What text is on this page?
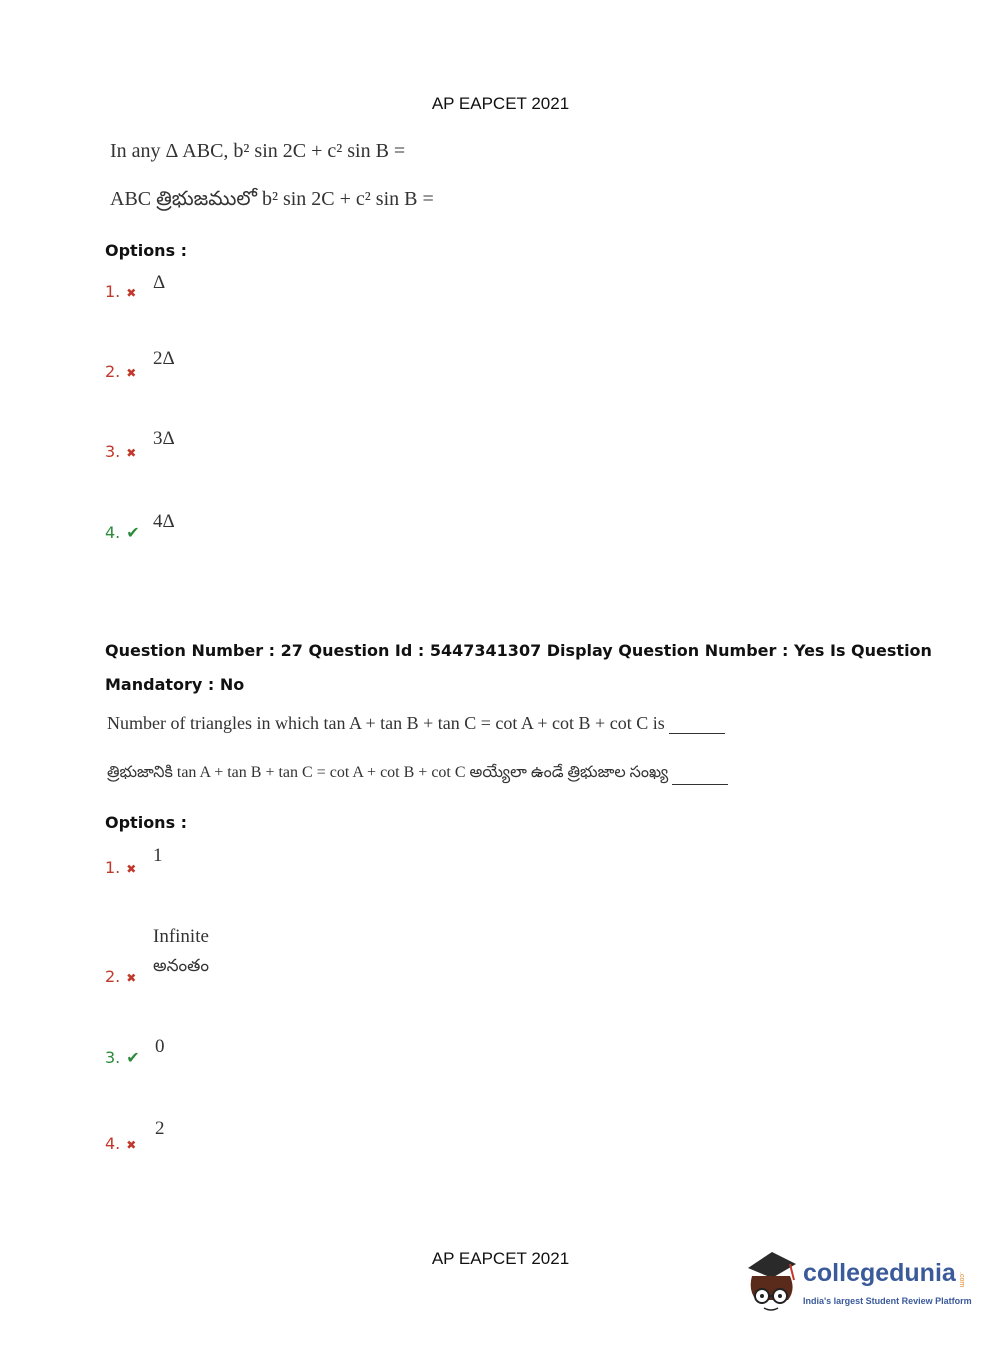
AP EAPCET 2021
In any Δ ABC, b² sin 2C + c² sin B =
ABC త్రిభుజములో b² sin 2C + c² sin B =
Options :
1. ✖ Δ
2. ✖
2Δ
3. ✖
3Δ
4. ✔
4Δ
Question Number : 27 Question Id : 5447341307 Display Question Number : Yes Is Question
Mandatory : No
Number of triangles in which tan A + tan B + tan C = cot A + cot B + cot C is
త్రిభుజానికి tan A + tan B + tan C = cot A + cot B + cot C అయ్యేలా ఉండే త్రిభుజాల సంఖ్య
Options :
1. ✖
1
2. ✖
Infinite
అనంతం
3. ✔
0
4. ✖
2
AP EAPCET 2021
collegedunia .com
India's largest Student Review Platform
